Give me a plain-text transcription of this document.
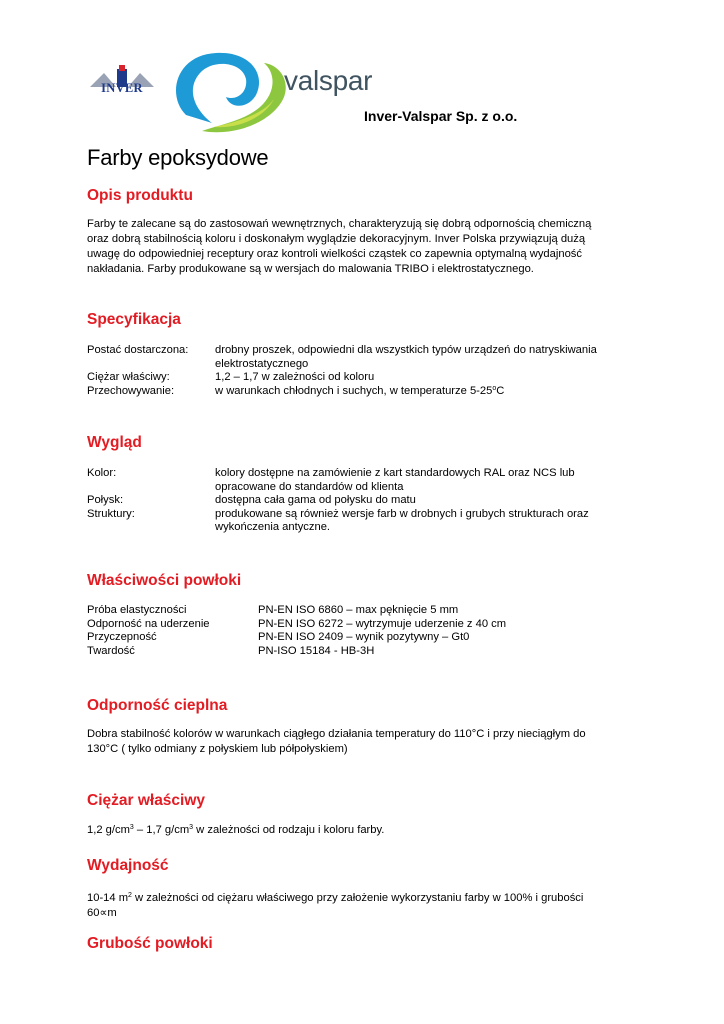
INVER	valspar
Inver-Valspar Sp. z o.o.
Farby epoksydowe
Opis produktu
Farby te zalecane są do zastosowań wewnętrznych, charakteryzują się dobrą odpornością chemiczną
oraz dobrą stabilnością koloru i doskonałym wyglądzie dekoracyjnym. Inver Polska przywiązują dużą
uwagę do odpowiedniej receptury oraz kontroli wielkości cząstek co zapewnia optymalną wydajność
nakładania. Farby produkowane są w wersjach do malowania TRIBO i elektrostatycznego.
Specyfikacja
Postać dostarczona: drobny proszek, odpowiedni dla wszystkich typów urządzeń do natryskiwania
elektrostatycznego
Ciężar właściwy:	1,2 – 1,7 w zależności od koloru
Przechowywanie:	w warunkach chłodnych i suchych, w temperaturze 5-25$^o$C
Wygląd
Kolor:	kolory dostępne na zamówienie z kart standardowych RAL oraz NCS lub
opracowane do standardów od klienta
Połysk:	dostępna cała gama od połysku do matu
Struktury:	produkowane są również wersje farb w drobnych i grubych strukturach oraz
wykończenia antyczne.
Właściwości powłoki
Próba elastyczności	PN-EN ISO 6860 – max pęknięcie 5 mm
Odporność na uderzenie	PN-EN ISO 6272 – wytrzymuje uderzenie z 40 cm
Przyczepność	PN-EN ISO 2409 – wynik pozytywny – Gt0
Twardość	PN-ISO 15184 - HB-3H
Odporność cieplna
Dobra stabilność kolorów w warunkach ciągłego działania temperatury do 110°C i przy nieciągłym do
130°C ( tylko odmiany z połyskiem lub półpołyskiem)
Ciężar właściwy
1,2 $g/cm^3 - 1,7$ $g/cm^3$ w zależności od rodzaju i koloru farby.
Wydajność
10-14 $m^2$ w zależności od ciężaru właściwego przy założenie wykorzystaniu farby w 100% i grubości
60∝m
Grubość powłoki
